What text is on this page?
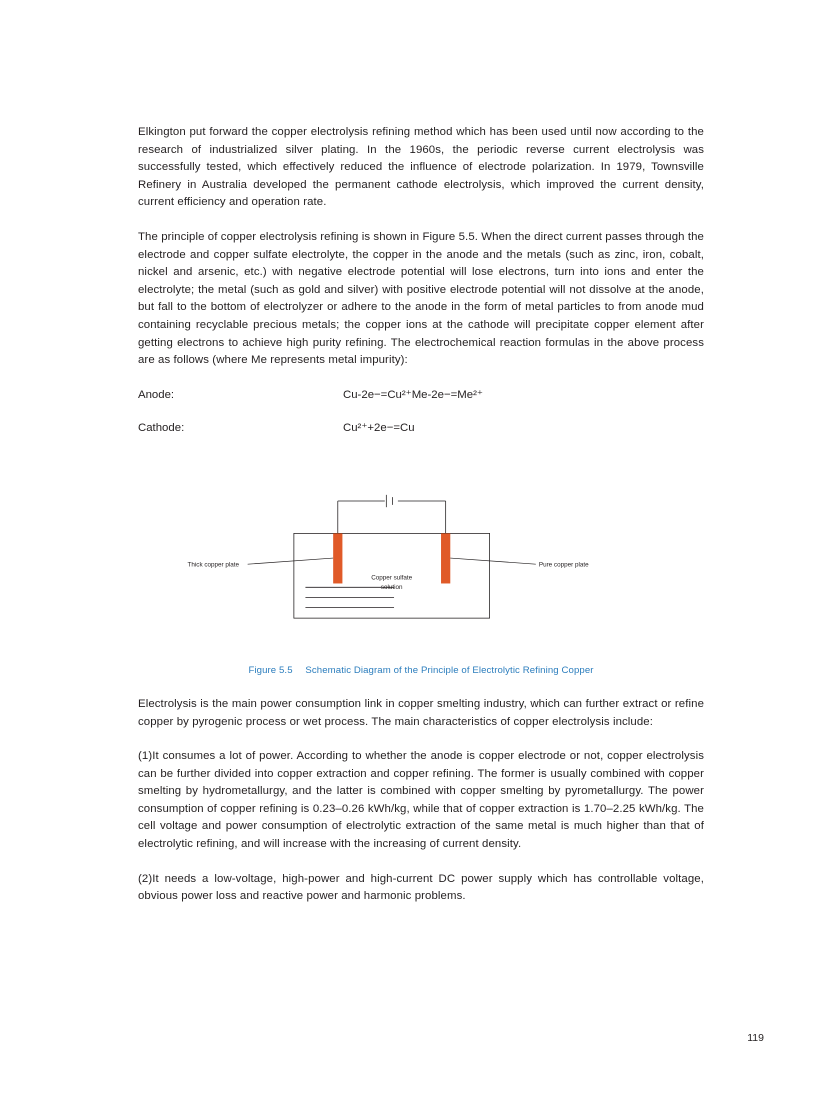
Elkington put forward the copper electrolysis refining method which has been used until now according to the research of industrialized silver plating. In the 1960s, the periodic reverse current electrolysis was successfully tested, which effectively reduced the influence of electrode polarization. In 1979, Townsville Refinery in Australia developed the permanent cathode electrolysis, which improved the current density, current efficiency and operation rate.

The principle of copper electrolysis refining is shown in Figure 5.5. When the direct current passes through the electrode and copper sulfate electrolyte, the copper in the anode and the metals (such as zinc, iron, cobalt, nickel and arsenic, etc.) with negative electrode potential will lose electrons, turn into ions and enter the electrolyte; the metal (such as gold and silver) with positive electrode potential will not dissolve at the anode, but fall to the bottom of electrolyzer or adhere to the anode in the form of metal particles to from anode mud containing recyclable precious metals; the copper ions at the cathode will precipitate copper element after getting electrons to achieve high purity refining. The electrochemical reaction formulas in the above process are as follows (where Me represents metal impurity):

Anode:	Cu-2e−=Cu²⁺Me-2e−=Me²⁺
Cathode:	Cu²⁺+2e−=Cu
Thick copper plate	Pure copper plate
Copper sulfate
solution
Figure 5.5 Schematic Diagram of the Principle of Electrolytic Refining Copper

Electrolysis is the main power consumption link in copper smelting industry, which can further extract or refine copper by pyrogenic process or wet process. The main characteristics of copper electrolysis include:

(1)It consumes a lot of power. According to whether the anode is copper electrode or not, copper electrolysis can be further divided into copper extraction and copper refining. The former is usually combined with copper smelting by hydrometallurgy, and the latter is combined with copper smelting by pyrometallurgy. The power consumption of copper refining is 0.23–0.26 kWh/kg, while that of copper extraction is 1.70–2.25 kWh/kg. The cell voltage and power consumption of electrolytic extraction of the same metal is much higher than that of electrolytic refining, and will increase with the increasing of current density.

(2)It needs a low-voltage, high-power and high-current DC power supply which has controllable voltage, obvious power loss and reactive power and harmonic problems.

119
